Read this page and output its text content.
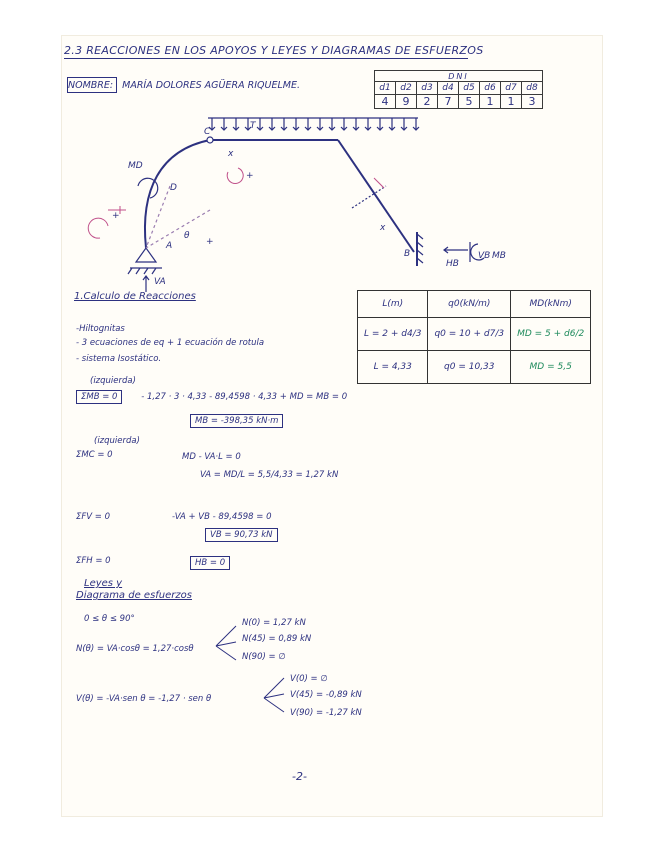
2.3 REACCIONES EN LOS APOYOS Y LEYES Y DIAGRAMAS DE ESFUERZOS
NOMBRE: MARÍA DOLORES AGÜERA RIQUELME.
DNI							
d1	d2	d3	d4	d5	d6	d7	d8
4	9	2	7	5	1	1	3
MD
D
A
B
C
x
x
VA
VB
HB
MB
θ
+
+
+
T
1.Calculo de Reacciones
-Hiltognitas
- 3 ecuaciones de eq + 1 ecuación de rotula
- sistema Isostático.
L(m)	q0(kN/m)	MD(kNm)
L = 2 + d4/3	q0 = 10 + d7/3	MD = 5 + d6/2
L = 4,33	q0 = 10,33	MD = 5,5
(izquierda)
ΣMB = 0	- 1,27 · 3 · 4,33 - 89,4598 · 4,33 + MD = MB = 0
MB = -398,35 kN·m
(izquierda)
ΣMC = 0	MD - VA·L = 0
VA = MD/L = 5,5/4,33 = 1,27 kN
ΣFV = 0	-VA + VB - 89,4598 = 0
VB = 90,73 kN
ΣFH = 0	HB = 0
Leyes y
Diagrama de esfuerzos
0 ≤ θ ≤ 90°
N(θ) = VA·cosθ = 1,27·cosθ
N(0) = 1,27 kN
N(45) = 0,89 kN
N(90) = ∅
V(θ) = -VA·sen θ = -1,27 · sen θ
V(0) = ∅
V(45) = -0,89 kN
V(90) = -1,27 kN
-2-
